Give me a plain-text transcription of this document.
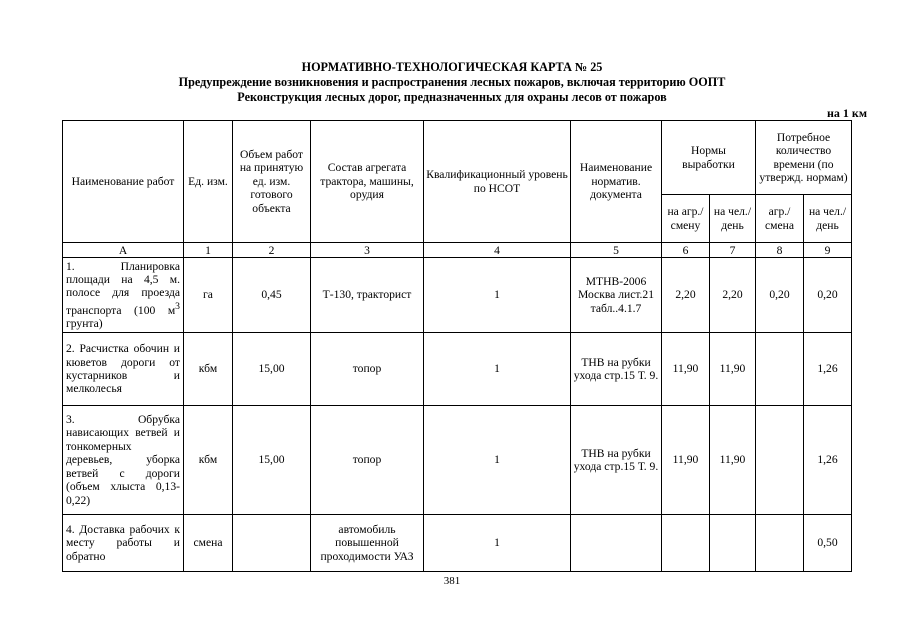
НОРМАТИВНО-ТЕХНОЛОГИЧЕСКАЯ КАРТА № 25
Предупреждение возникновения и распространения лесных пожаров, включая территорию ООПТ
Реконструкция лесных дорог, предназначенных для охраны лесов от пожаров
на 1 км
Наименование работ	Ед. изм.	Объем работ на принятую ед. изм. готового объекта	Состав агрегата трактора, машины, орудия	Квалификационный уровень по НСОТ	Наименование норматив. документа	Нормы выработки		Потребное количество времени (по утвержд. нормам)	
						на агр./ смену	на чел./ день	агр./ смена	на чел./ день
А	1	2	3	4	5	6	7	8	9
1. Планировка площади на 4,5 м. полосе для проезда транспорта (100 $м^3$ грунта)	га	0,45	Т-130, тракторист	1	МТНВ-2006 Москва лист.21 табл..4.1.7	2,20	2,20	0,20	0,20
2. Расчистка обочин и кюветов дороги от кустарников и мелколесья	кбм	15,00	топор	1	ТНВ на рубки ухода стр.15 Т. 9.	11,90	11,90		1,26
3. Обрубка нависающих ветвей и тонкомерных деревьев, уборка ветвей с дороги (объем хлыста 0,13-0,22)	кбм	15,00	топор	1	ТНВ на рубки ухода стр.15 Т. 9.	11,90	11,90		1,26
4. Доставка рабочих к месту работы и обратно	смена		автомобиль повышенной проходимости УАЗ	1					0,50
381
